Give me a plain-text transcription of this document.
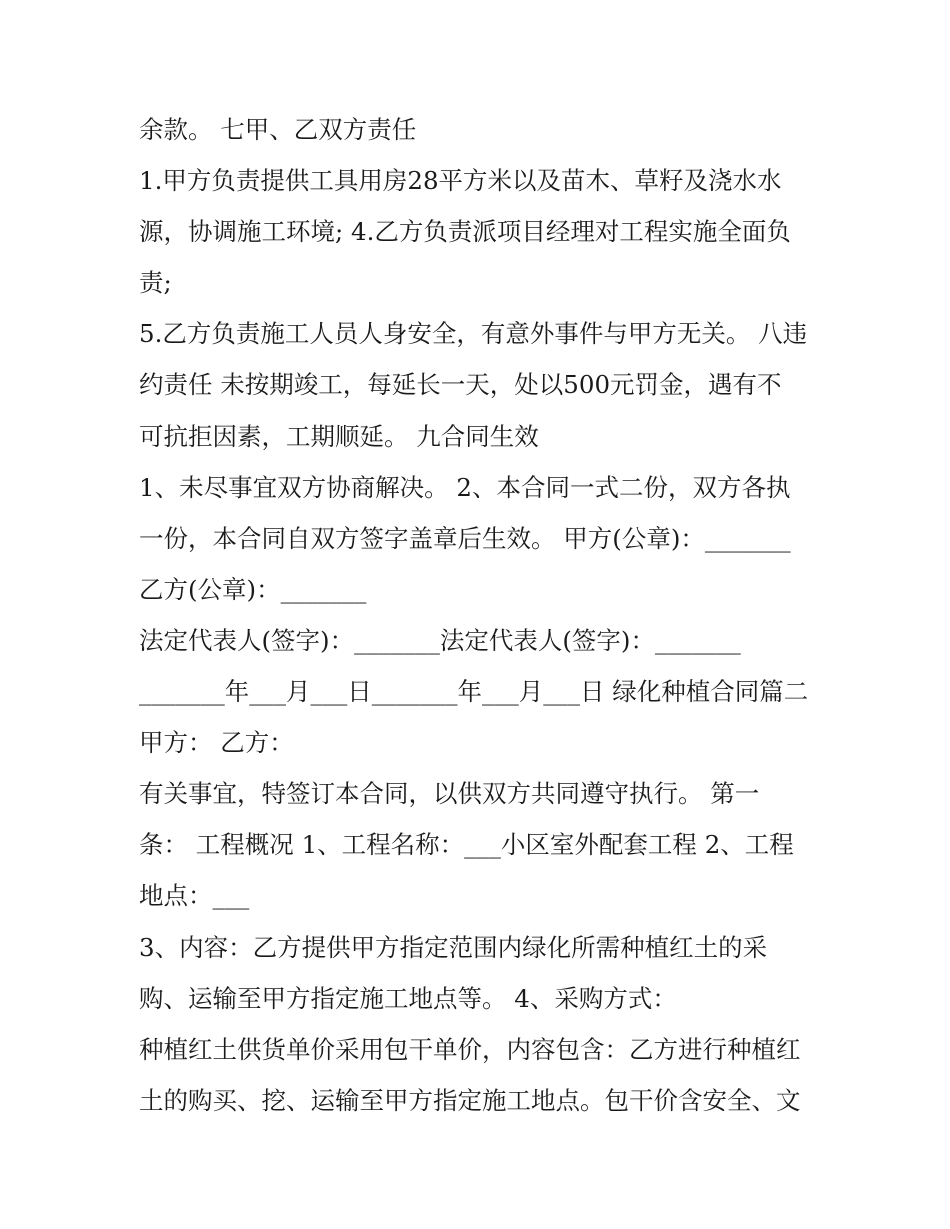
余款。 七甲、乙双方责任
1.甲方负责提供工具用房28平方米以及苗木、草籽及浇水水
源，协调施工环境; 4.乙方负责派项目经理对工程实施全面负
责;
5.乙方负责施工人员人身安全，有意外事件与甲方无关。 八违
约责任 未按期竣工，每延长一天，处以500元罚金，遇有不
可抗拒因素，工期顺延。 九合同生效
1、未尽事宜双方协商解决。 2、本合同一式二份，双方各执
一份，本合同自双方签字盖章后生效。 甲方(公章)：_______
乙方(公章)：_______
法定代表人(签字)：_______法定代表人(签字)：_______
_______年___月___日_______年___月___日 绿化种植合同篇二
甲方： 乙方：
有关事宜，特签订本合同，以供双方共同遵守执行。 第一
条： 工程概况 1、工程名称：___小区室外配套工程 2、工程
地点：___
3、内容：乙方提供甲方指定范围内绿化所需种植红土的采
购、运输至甲方指定施工地点等。 4、采购方式：
种植红土供货单价采用包干单价，内容包含：乙方进行种植红
土的购买、挖、运输至甲方指定施工地点。包干价含安全、文
